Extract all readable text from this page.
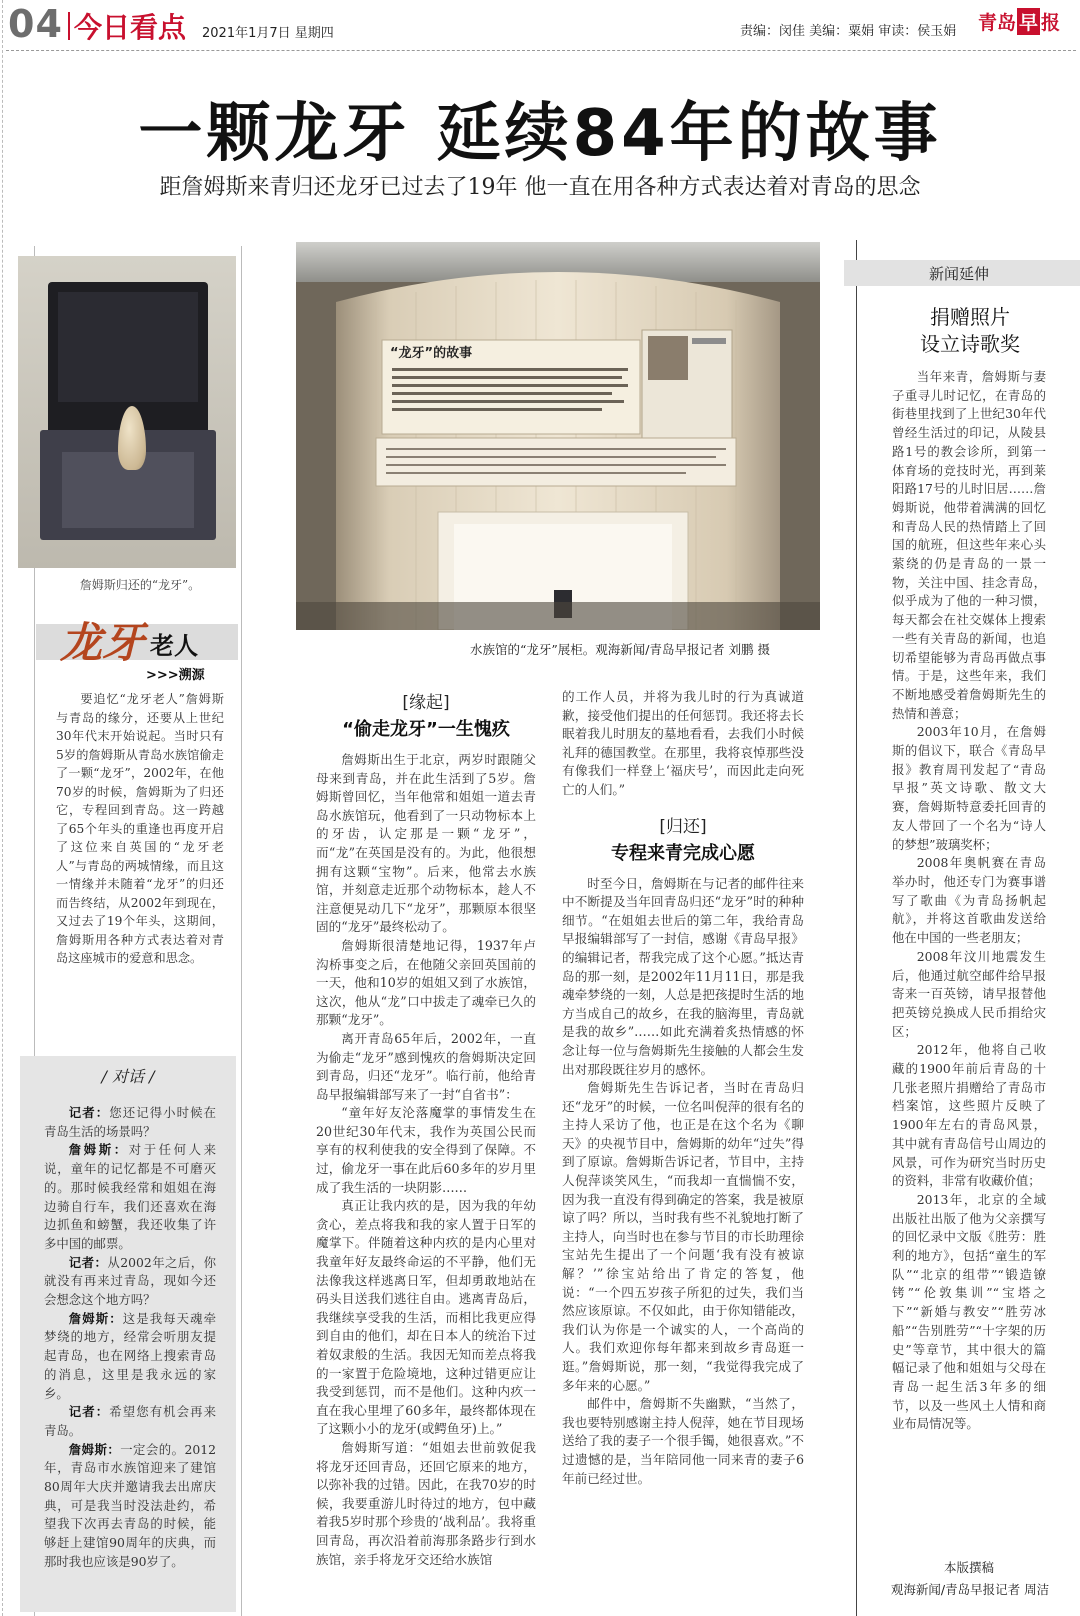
04 今日看点 2021年1月7日 星期四	责编：闵佳 美编：粟娟 审读：侯玉娟 青岛 早 报
一颗龙牙 延续84年的故事
距詹姆斯来青归还龙牙已过去了19年 他一直在用各种方式表达着对青岛的思念
詹姆斯归还的“龙牙”。
龙牙 老人
>>>溯源
要追忆“龙牙老人”詹姆斯与青岛的缘分，还要从上世纪30年代末开始说起。当时只有5岁的詹姆斯从青岛水族馆偷走了一颗“龙牙”，2002年，在他70岁的时候，詹姆斯为了归还它，专程回到青岛。这一跨越了65个年头的重逢也再度开启了这位来自英国的“龙牙老人”与青岛的两城情缘，而且这一情缘并未随着“龙牙”的归还而告终结，从2002年到现在，又过去了19个年头，这期间，詹姆斯用各种方式表达着对青岛这座城市的爱意和思念。
/ 对话 /

记者：您还记得小时候在青岛生活的场景吗？

詹姆斯：对于任何人来说，童年的记忆都是不可磨灭的。那时候我经常和姐姐在海边骑自行车，我们还喜欢在海边抓鱼和螃蟹，我还收集了许多中国的邮票。

记者：从2002年之后，你就没有再来过青岛，现如今还会想念这个地方吗？

詹姆斯：这是我每天魂牵梦绕的地方，经常会听朋友提起青岛，也在网络上搜索青岛的消息，这里是我永远的家乡。

记者：希望您有机会再来青岛。

詹姆斯：一定会的。2012年，青岛市水族馆迎来了建馆80周年大庆并邀请我去出席庆典，可是我当时没法赴约，希望我下次再去青岛的时候，能够赶上建馆90周年的庆典，而那时我也应该是90岁了。

“龙牙”的故事
水族馆的“龙牙”展柜。观海新闻/青岛早报记者 刘鹏 摄
[缘起]
“偷走龙牙”一生愧疚

詹姆斯出生于北京，两岁时跟随父母来到青岛，并在此生活到了5岁。詹姆斯曾回忆，当年他常和姐姐一道去青岛水族馆玩，他看到了一只动物标本上的牙齿，认定那是一颗“龙牙”，而“龙”在英国是没有的。为此，他很想拥有这颗“宝物”。后来，他常去水族馆，并刻意走近那个动物标本，趁人不注意便晃动几下“龙牙”，那颗原本很坚固的“龙牙”最终松动了。

詹姆斯很清楚地记得，1937年卢沟桥事变之后，在他随父亲回英国前的一天，他和10岁的姐姐又到了水族馆，这次，他从“龙”口中拔走了魂牵已久的那颗“龙牙”。

离开青岛65年后，2002年，一直为偷走“龙牙”感到愧疚的詹姆斯决定回到青岛，归还“龙牙”。临行前，他给青岛早报编辑部写来了一封“自省书”：

“童年好友沦落魔掌的事情发生在20世纪30年代末，我作为英国公民而享有的权利使我的安全得到了保障。不过，偷龙牙一事在此后60多年的岁月里成了我生活的一块阴影……

真正让我内疚的是，因为我的年幼贪心，差点将我和我的家人置于日军的魔掌下。伴随着这种内疚的是内心里对我童年好友最终命运的不平静，他们无法像我这样逃离日军，但却勇敢地站在码头目送我们逃往自由。逃离青岛后，我继续享受我的生活，而相比我更应得到自由的他们，却在日本人的统治下过着奴隶般的生活。我因无知而差点将我的一家置于危险境地，这种过错更应让我受到惩罚，而不是他们。这种内疚一直在我心里埋了60多年，最终都体现在了这颗小小的龙牙(或鳄鱼牙)上。”

詹姆斯写道：“姐姐去世前敦促我将龙牙还回青岛，还回它原来的地方，以弥补我的过错。因此，在我70岁的时候，我要重游儿时待过的地方，包中藏着我5岁时那个珍贵的‘战利品’。我将重回青岛，再次沿着前海那条路步行到水族馆，亲手将龙牙交还给水族馆

的工作人员，并将为我儿时的行为真诚道歉，接受他们提出的任何惩罚。我还将去长眠着我儿时朋友的墓地看看，去我们小时候礼拜的德国教堂。在那里，我将哀悼那些没有像我们一样登上‘福庆号’，而因此走向死亡的人们。”

[归还]
专程来青完成心愿

时至今日，詹姆斯在与记者的邮件往来中不断提及当年回青岛归还“龙牙”时的种种细节。“在姐姐去世后的第二年，我给青岛早报编辑部写了一封信，感谢《青岛早报》的编辑记者，帮我完成了这个心愿。”抵达青岛的那一刻，是2002年11月11日，那是我魂牵梦绕的一刻，人总是把孩提时生活的地方当成自己的故乡，在我的脑海里，青岛就是我的故乡”……如此充满着炙热情感的怀念让每一位与詹姆斯先生接触的人都会生发出对那段既往岁月的感怀。

詹姆斯先生告诉记者，当时在青岛归还“龙牙”的时候，一位名叫倪萍的很有名的主持人采访了他，也正是在这个名为《聊天》的央视节目中，詹姆斯的幼年“过失”得到了原谅。詹姆斯告诉记者，节目中，主持人倪萍谈笑风生，“而我却一直惴惴不安，因为我一直没有得到确定的答案，我是被原谅了吗？所以，当时我有些不礼貌地打断了主持人，向当时也在参与节目的市长助理徐宝站先生提出了一个问题‘我有没有被谅解？’”徐宝站给出了肯定的答复，他说：“一个四五岁孩子所犯的过失，我们当然应该原谅。不仅如此，由于你知错能改，我们认为你是一个诚实的人，一个高尚的人。我们欢迎你每年都来到故乡青岛逛一逛。”詹姆斯说，那一刻，“我觉得我完成了多年来的心愿。”

邮件中，詹姆斯不失幽默，“当然了，我也要特别感谢主持人倪萍，她在节目现场送给了我的妻子一个很手镯，她很喜欢。”不过遗憾的是，当年陪同他一同来青的妻子6年前已经过世。

新闻延伸
捐赠照片
设立诗歌奖

当年来青，詹姆斯与妻子重寻儿时记忆，在青岛的街巷里找到了上世纪30年代曾经生活过的印记，从陵县路1号的教会诊所，到第一体育场的竞技时光，再到莱阳路17号的儿时旧居……詹姆斯说，他带着满满的回忆和青岛人民的热情踏上了回国的航班，但这些年来心头萦绕的仍是青岛的一景一物，关注中国、挂念青岛，似乎成为了他的一种习惯，每天都会在社交媒体上搜索一些有关青岛的新闻，也追切希望能够为青岛再做点事情。于是，这些年来，我们不断地感受着詹姆斯先生的热情和善意；

2003年10月，在詹姆斯的倡议下，联合《青岛早报》教育周刊发起了“青岛早报”英文诗歌、散文大赛，詹姆斯特意委托回青的友人带回了一个名为“诗人的梦想”玻璃奖杯；

2008年奥帆赛在青岛举办时，他还专门为赛事谱写了歌曲《为青岛扬帆起航》，并将这首歌曲发送给他在中国的一些老朋友；

2008年汶川地震发生后，他通过航空邮件给早报寄来一百英镑，请早报替他把英镑兑换成人民币捐给灾区；

2012年，他将自己收藏的1900年前后青岛的十几张老照片捐赠给了青岛市档案馆，这些照片反映了1900年左右的青岛风景，其中就有青岛信号山周边的风景，可作为研究当时历史的资料，非常有收藏价值；

2013年，北京的全域出版社出版了他为父亲撰写的回忆录中文版《胜劳：胜利的地方》，包括“童生的军队”“北京的组带”“锻造镣铐”“伦敦集训”“宝塔之下”“新婚与教安”“胜劳冰船”“告别胜劳”“十字架的历史”等章节，其中很大的篇幅记录了他和姐姐与父母在青岛一起生活3年多的细节，以及一些风土人情和商业布局情况等。

本版撰稿
观海新闻/青岛早报记者 周洁
